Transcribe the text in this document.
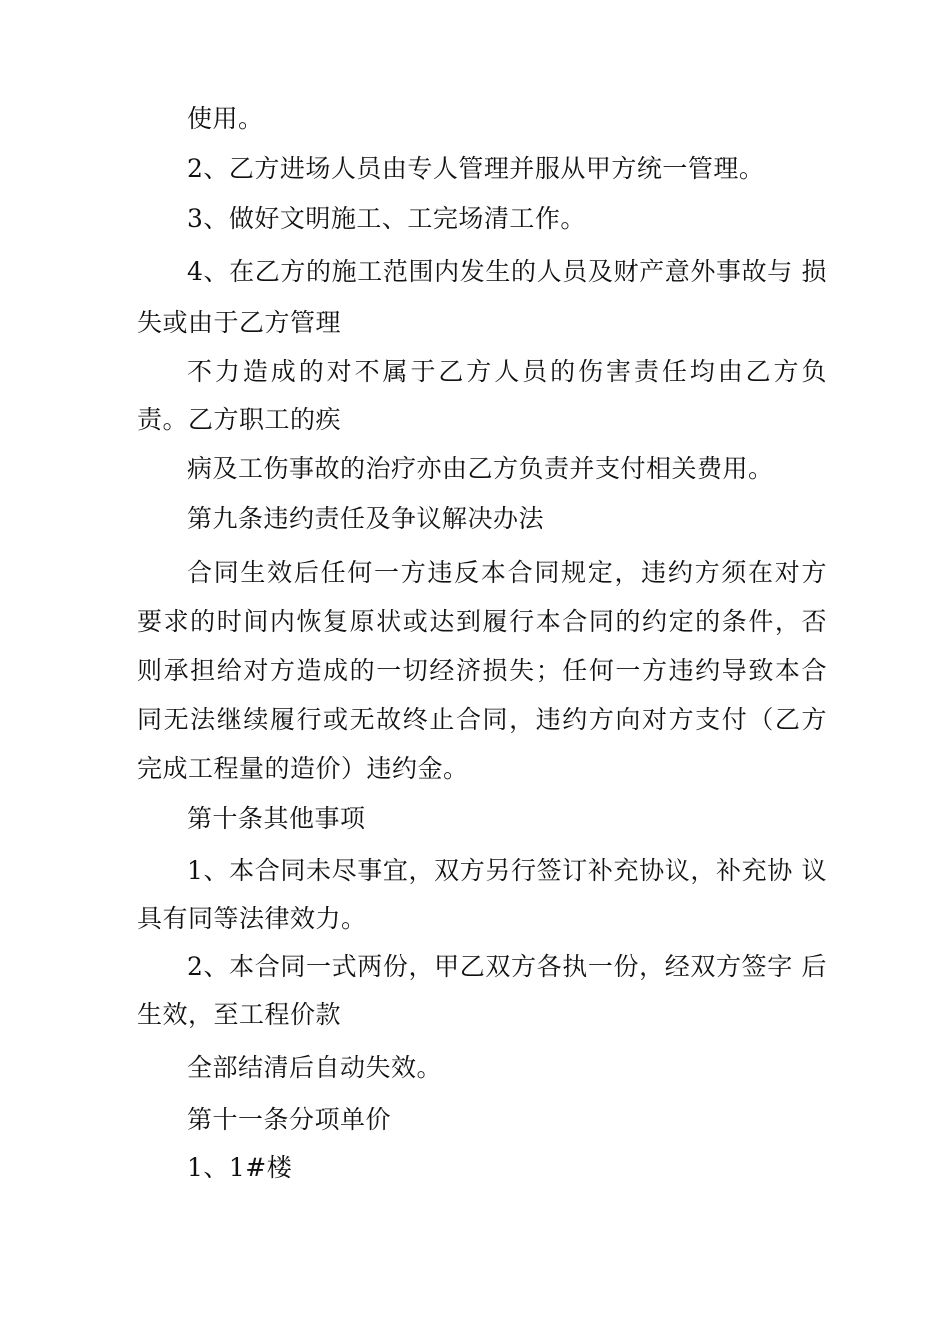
使用。
2、乙方进场人员由专人管理并服从甲方统一管理。
3、做好文明施工、工完场清工作。
4、在乙方的施工范围内发生的人员及财产意外事故与 损
失或由于乙方管理
不力造成的对不属于乙方人员的伤害责任均由乙方负
责。乙方职工的疾
病及工伤事故的治疗亦由乙方负责并支付相关费用。
第九条违约责任及争议解决办法
合同生效后任何一方违反本合同规定，违约方须在对方
要求的时间内恢复原状或达到履行本合同的约定的条件，否
则承担给对方造成的一切经济损失；任何一方违约导致本合
同无法继续履行或无故终止合同，违约方向对方支付（乙方
完成工程量的造价）违约金。
第十条其他事项
1、本合同未尽事宜，双方另行签订补充协议，补充协 议
具有同等法律效力。
2、本合同一式两份，甲乙双方各执一份，经双方签字 后
生效，至工程价款
全部结清后自动失效。
第十一条分项单价
1、1#楼
